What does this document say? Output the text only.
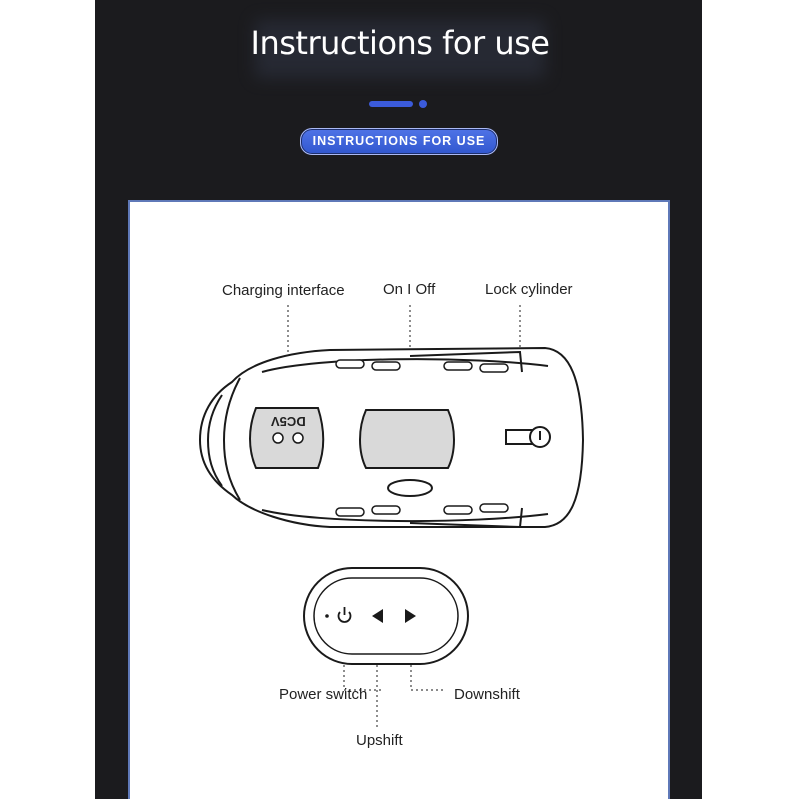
Instructions for use
INSTRUCTIONS FOR USE
Charging interface	On I Off	Lock cylinder
DC5V
Power switch
Upshift
Downshift
